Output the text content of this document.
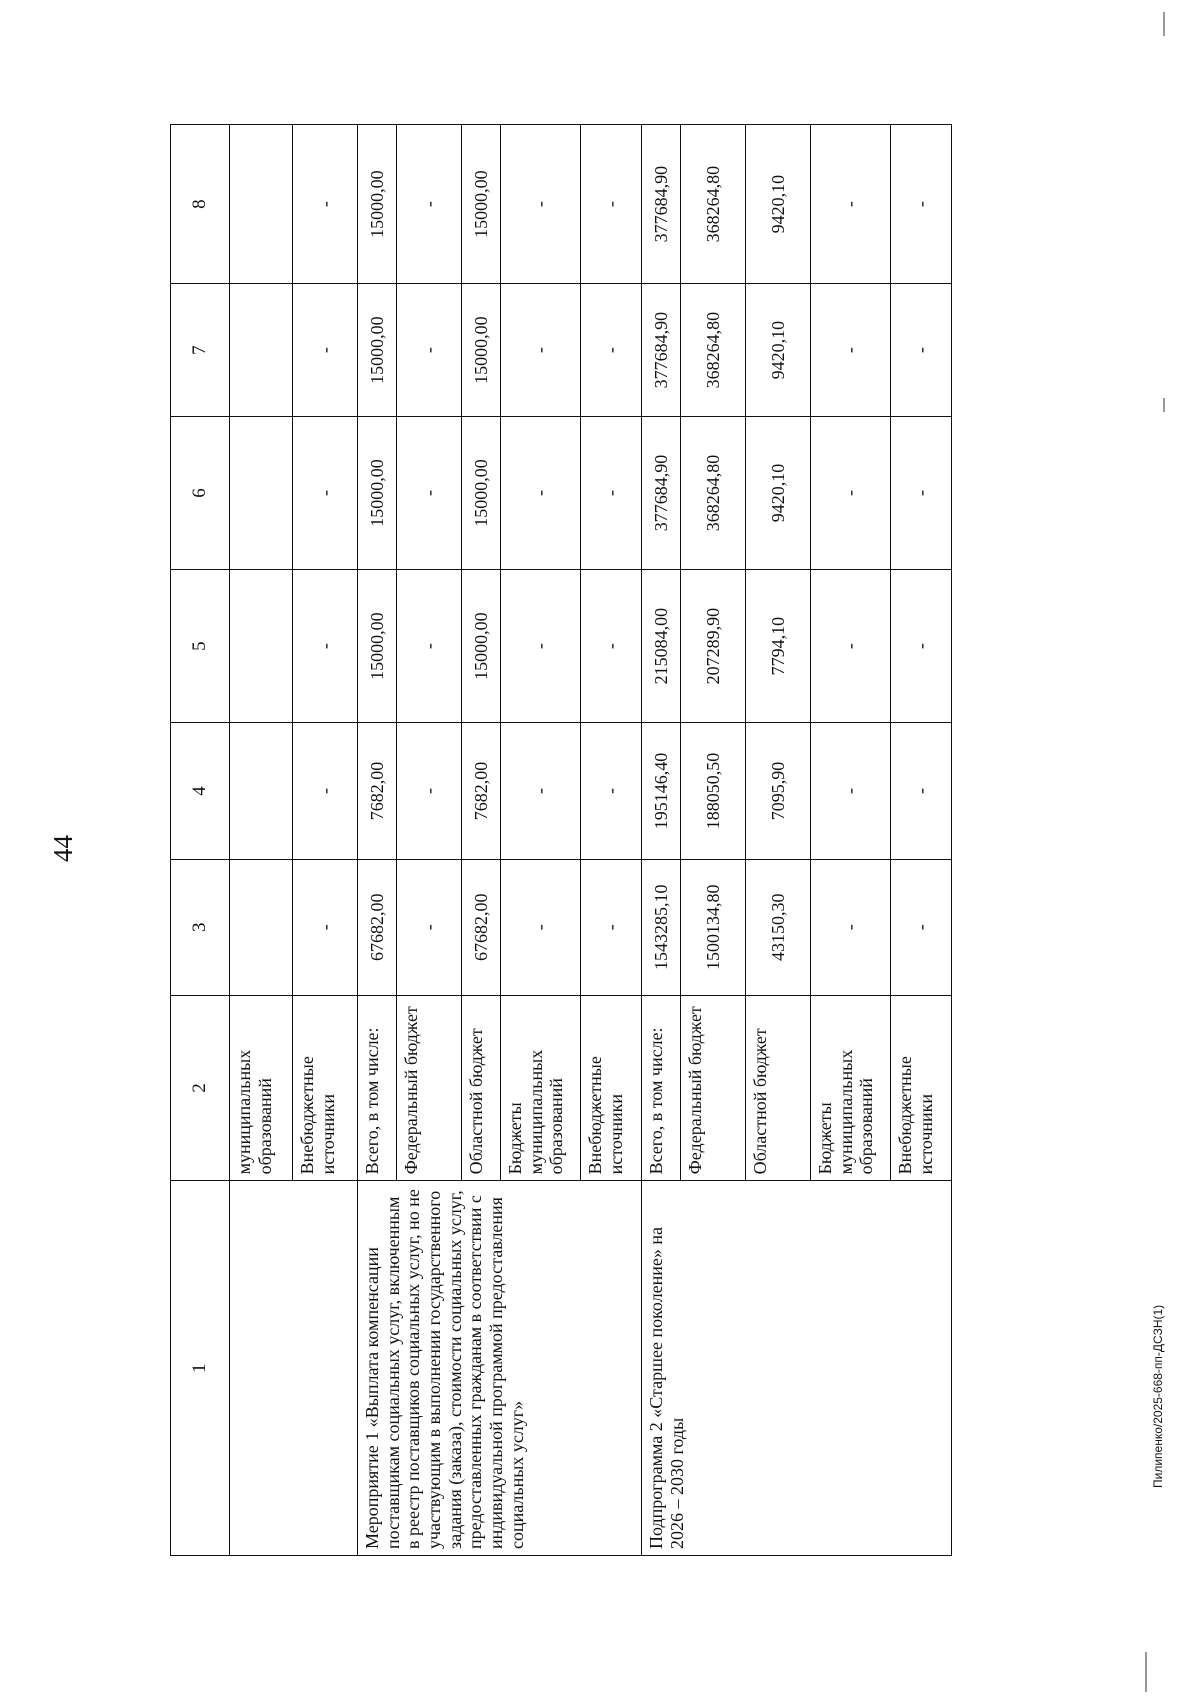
44
Пилипенко/2025-668-пп-ДСЗН(1)
1	2	3	4	5	6	7	8
	муниципальных образований						
	Внебюджетные источники	-	-	-	-	-	-
Мероприятие 1 «Выплата компенсации поставщикам социальных услуг, включенным в реестр поставщиков социальных услуг, но не участвующим в выполнении государственного задания (заказа), стоимости социальных услуг, предоставленных гражданам в соответствии с индивидуальной программой предоставления социальных услуг»	Всего, в том числе:	67682,00	7682,00	15000,00	15000,00	15000,00	15000,00
	Федеральный бюджет	-	-	-	-	-	-
	Областной бюджет	67682,00	7682,00	15000,00	15000,00	15000,00	15000,00
	Бюджеты муниципальных образований	-	-	-	-	-	-
	Внебюджетные источники	-	-	-	-	-	-
Подпрограмма 2 «Старшее поколение» на 2026 – 2030 годы	Всего, в том числе:	1543285,10	195146,40	215084,00	377684,90	377684,90	377684,90
	Федеральный бюджет	1500134,80	188050,50	207289,90	368264,80	368264,80	368264,80
	Областной бюджет	43150,30	7095,90	7794,10	9420,10	9420,10	9420,10
	Бюджеты муниципальных образований	-	-	-	-	-	-
	Внебюджетные источники	-	-	-	-	-	-
